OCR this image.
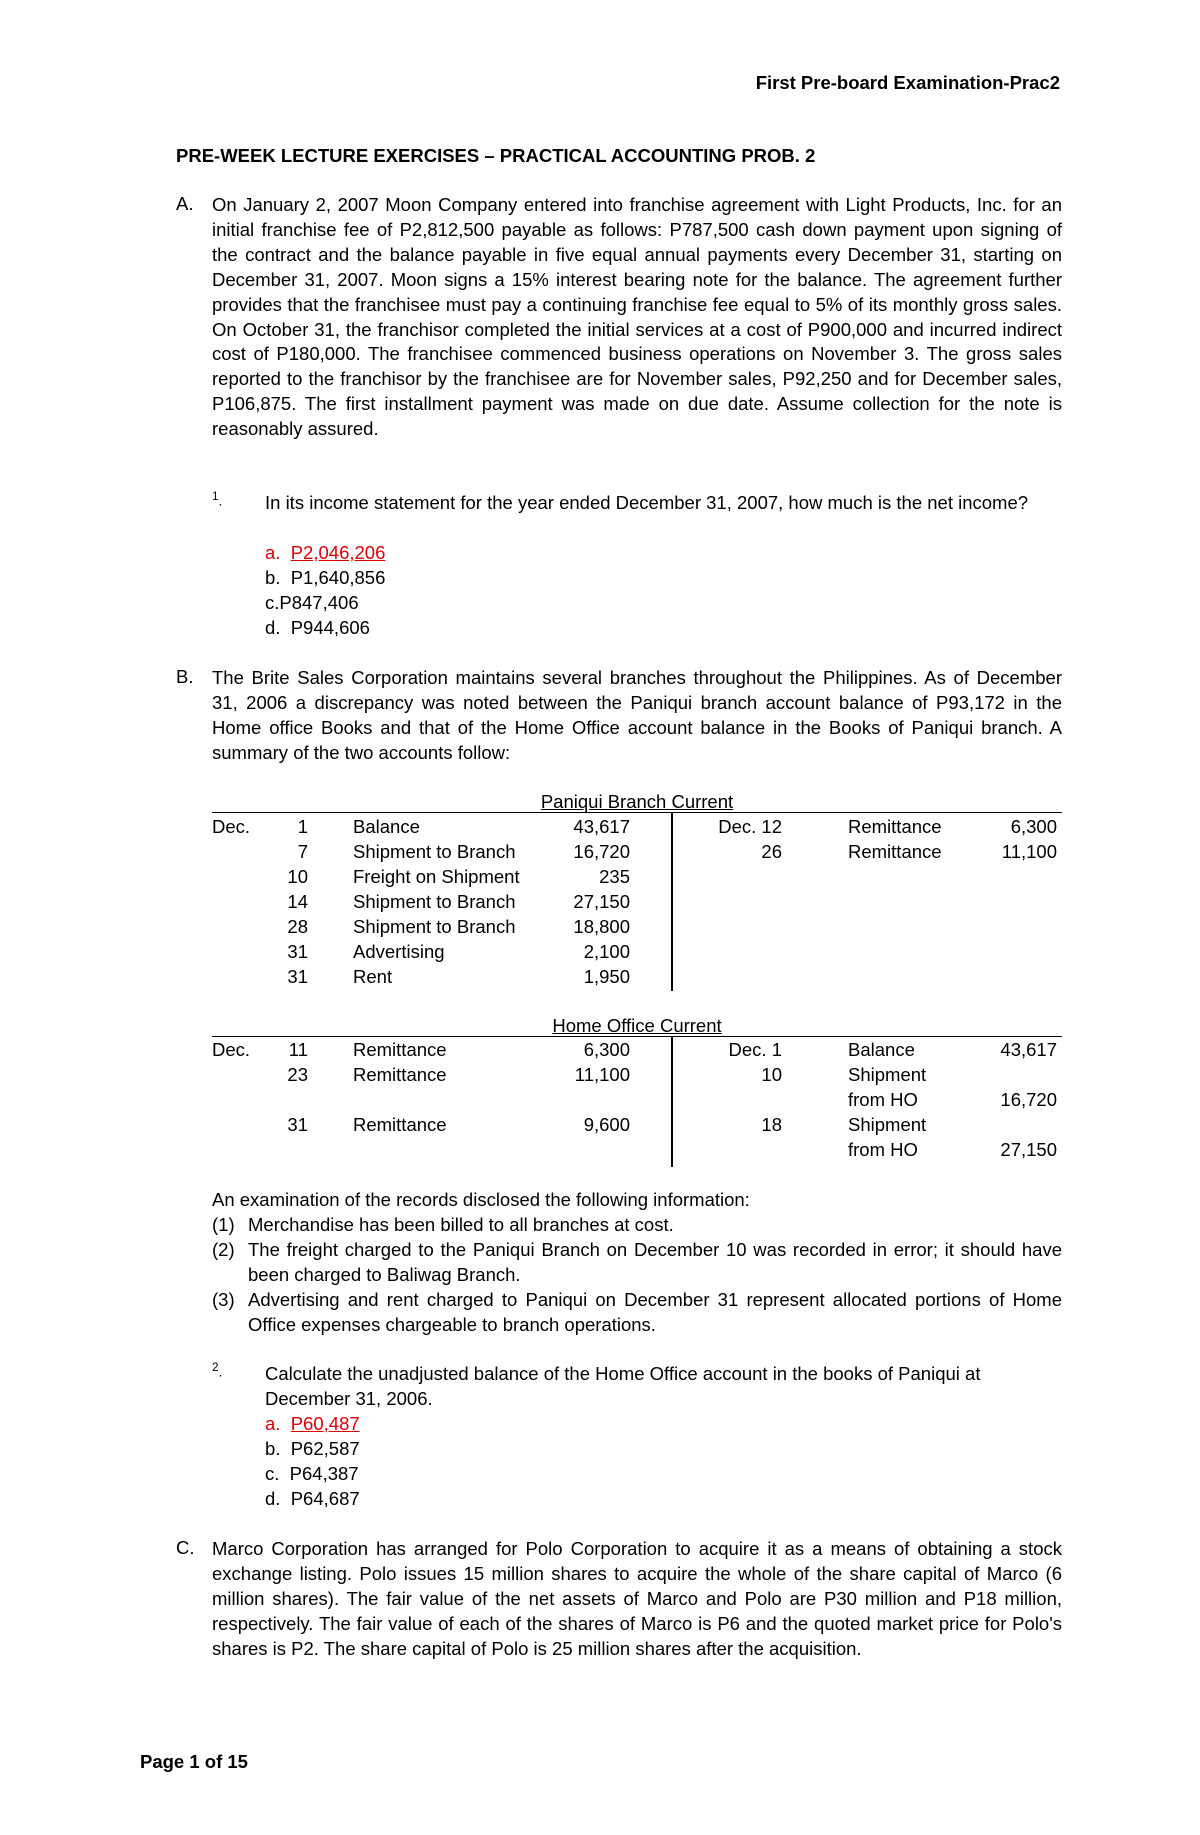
First Pre-board Examination-Prac2
PRE-WEEK LECTURE EXERCISES – PRACTICAL ACCOUNTING PROB. 2
A. On January 2, 2007 Moon Company entered into franchise agreement with Light Products, Inc. for an initial franchise fee of P2,812,500 payable as follows: P787,500 cash down payment upon signing of the contract and the balance payable in five equal annual payments every December 31, starting on December 31, 2007. Moon signs a 15% interest bearing note for the balance. The agreement further provides that the franchisee must pay a continuing franchise fee equal to 5% of its monthly gross sales. On October 31, the franchisor completed the initial services at a cost of P900,000 and incurred indirect cost of P180,000. The franchisee commenced business operations on November 3. The gross sales reported to the franchisor by the franchisee are for November sales, P92,250 and for December sales, P106,875. The first installment payment was made on due date. Assume collection for the note is reasonably assured.
$^1$. In its income statement for the year ended December 31, 2007, how much is the net income?
a. P2,046,206
b. P1,640,856
c.P847,406
d. P944,606
B. The Brite Sales Corporation maintains several branches throughout the Philippines. As of December 31, 2006 a discrepancy was noted between the Paniqui branch account balance of P93,172 in the Home office Books and that of the Home Office account balance in the Books of Paniqui branch. A summary of the two accounts follow:
Paniqui Branch Current
Dec.	1 Balance	43,617
7 Shipment to Branch	16,720
10 Freight on Shipment	235
14 Shipment to Branch	27,150
28 Shipment to Branch	18,800
31 Advertising	2,100
31 Rent	1,950
Dec. 12	Remittance	6,300
26	Remittance	11,100
Home Office Current
Dec.	11 Remittance	6,300
23 Remittance	11,100
31 Remittance	9,600
Dec. 1	Balance	43,617
10	Shipment
from HO	16,720
18	Shipment
from HO	27,150
An examination of the records disclosed the following information:
(1) Merchandise has been billed to all branches at cost.
(2) The freight charged to the Paniqui Branch on December 10 was recorded in error; it should have been charged to Baliwag Branch.
(3) Advertising and rent charged to Paniqui on December 31 represent allocated portions of Home Office expenses chargeable to branch operations.
$^2$. Calculate the unadjusted balance of the Home Office account in the books of Paniqui at December 31, 2006.
a. P60,487
b. P62,587
c. P64,387
d. P64,687
C. Marco Corporation has arranged for Polo Corporation to acquire it as a means of obtaining a stock exchange listing. Polo issues 15 million shares to acquire the whole of the share capital of Marco (6 million shares). The fair value of the net assets of Marco and Polo are P30 million and P18 million, respectively. The fair value of each of the shares of Marco is P6 and the quoted market price for Polo's shares is P2. The share capital of Polo is 25 million shares after the acquisition.
Page 1 of 15
